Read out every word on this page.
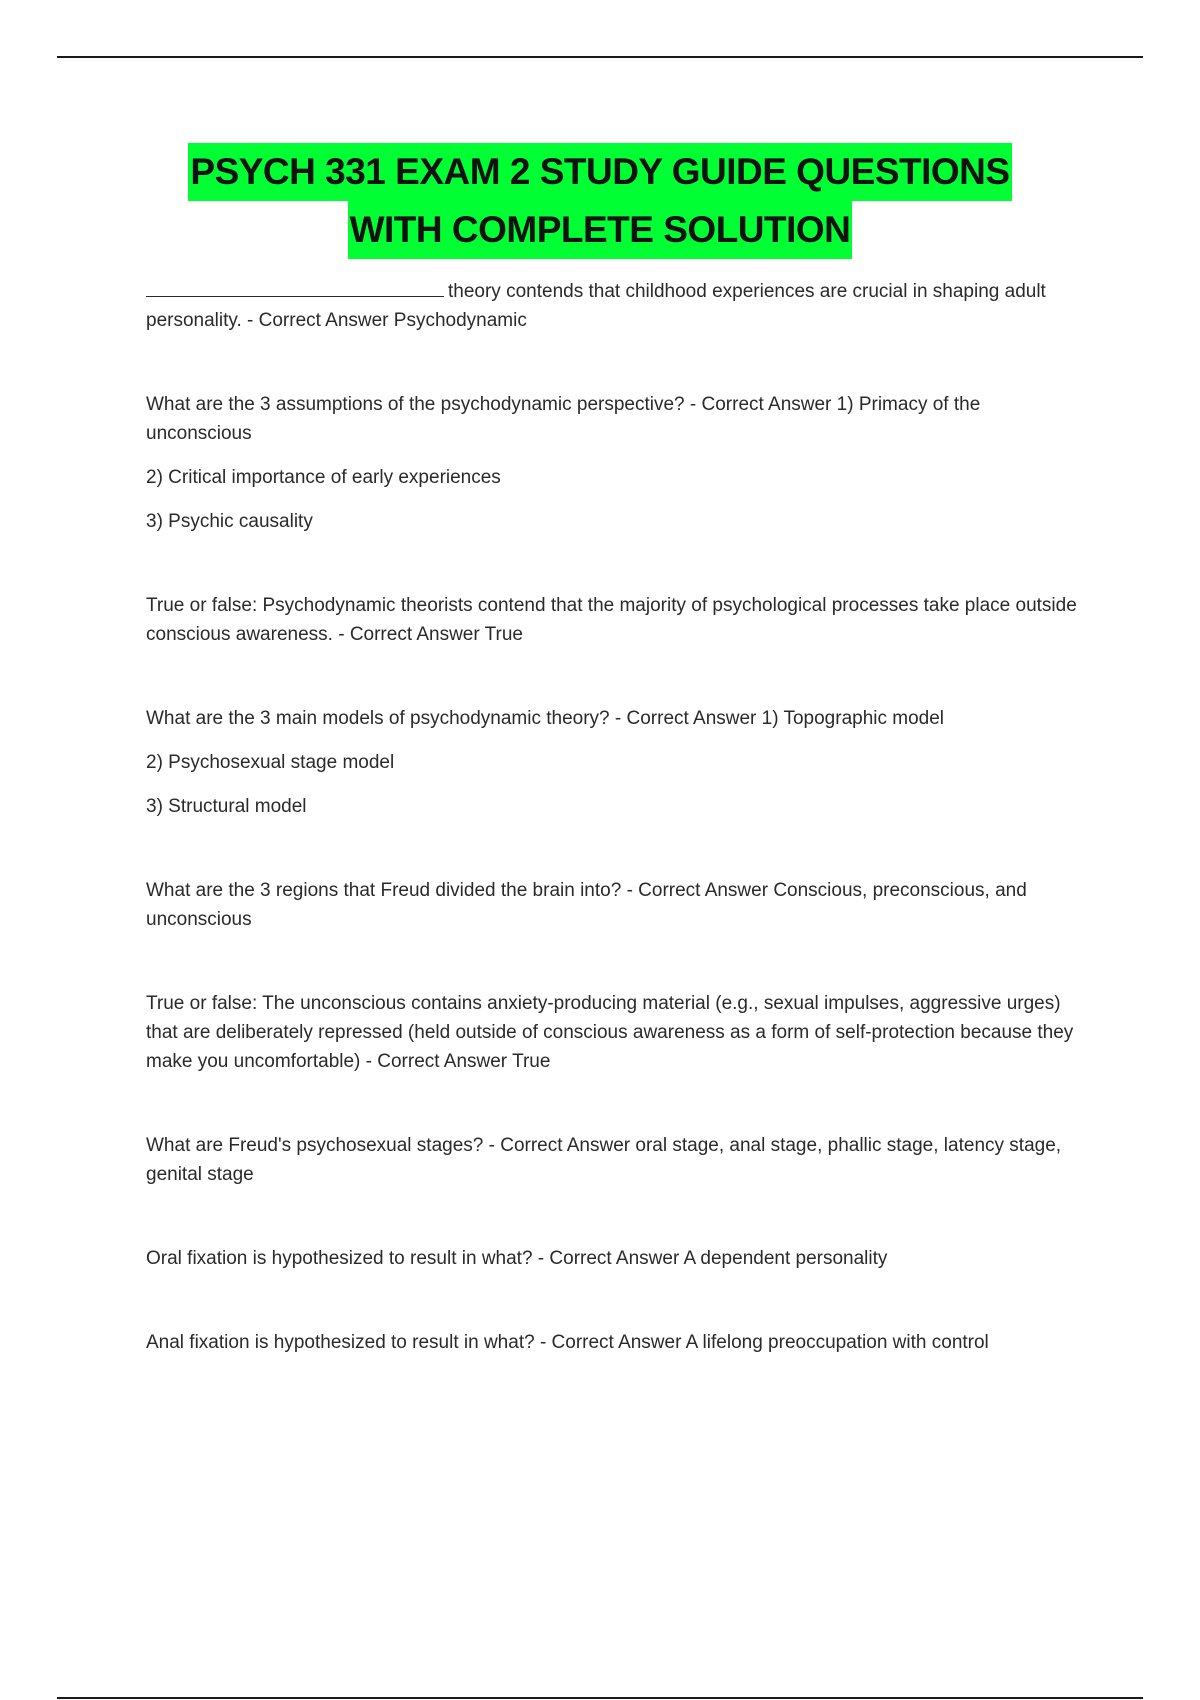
PSYCH 331 EXAM 2 STUDY GUIDE QUESTIONS
WITH COMPLETE SOLUTION

theory contends that childhood experiences are crucial in shaping adult personality. - Correct Answer Psychodynamic

What are the 3 assumptions of the psychodynamic perspective? - Correct Answer 1) Primacy of the unconscious

2) Critical importance of early experiences

3) Psychic causality

True or false: Psychodynamic theorists contend that the majority of psychological processes take place outside conscious awareness. - Correct Answer True

What are the 3 main models of psychodynamic theory? - Correct Answer 1) Topographic model

2) Psychosexual stage model

3) Structural model

What are the 3 regions that Freud divided the brain into? - Correct Answer Conscious, preconscious, and unconscious

True or false: The unconscious contains anxiety-producing material (e.g., sexual impulses, aggressive urges) that are deliberately repressed (held outside of conscious awareness as a form of self-protection because they make you uncomfortable) - Correct Answer True

What are Freud's psychosexual stages? - Correct Answer oral stage, anal stage, phallic stage, latency stage, genital stage

Oral fixation is hypothesized to result in what? - Correct Answer A dependent personality

Anal fixation is hypothesized to result in what? - Correct Answer A lifelong preoccupation with control
